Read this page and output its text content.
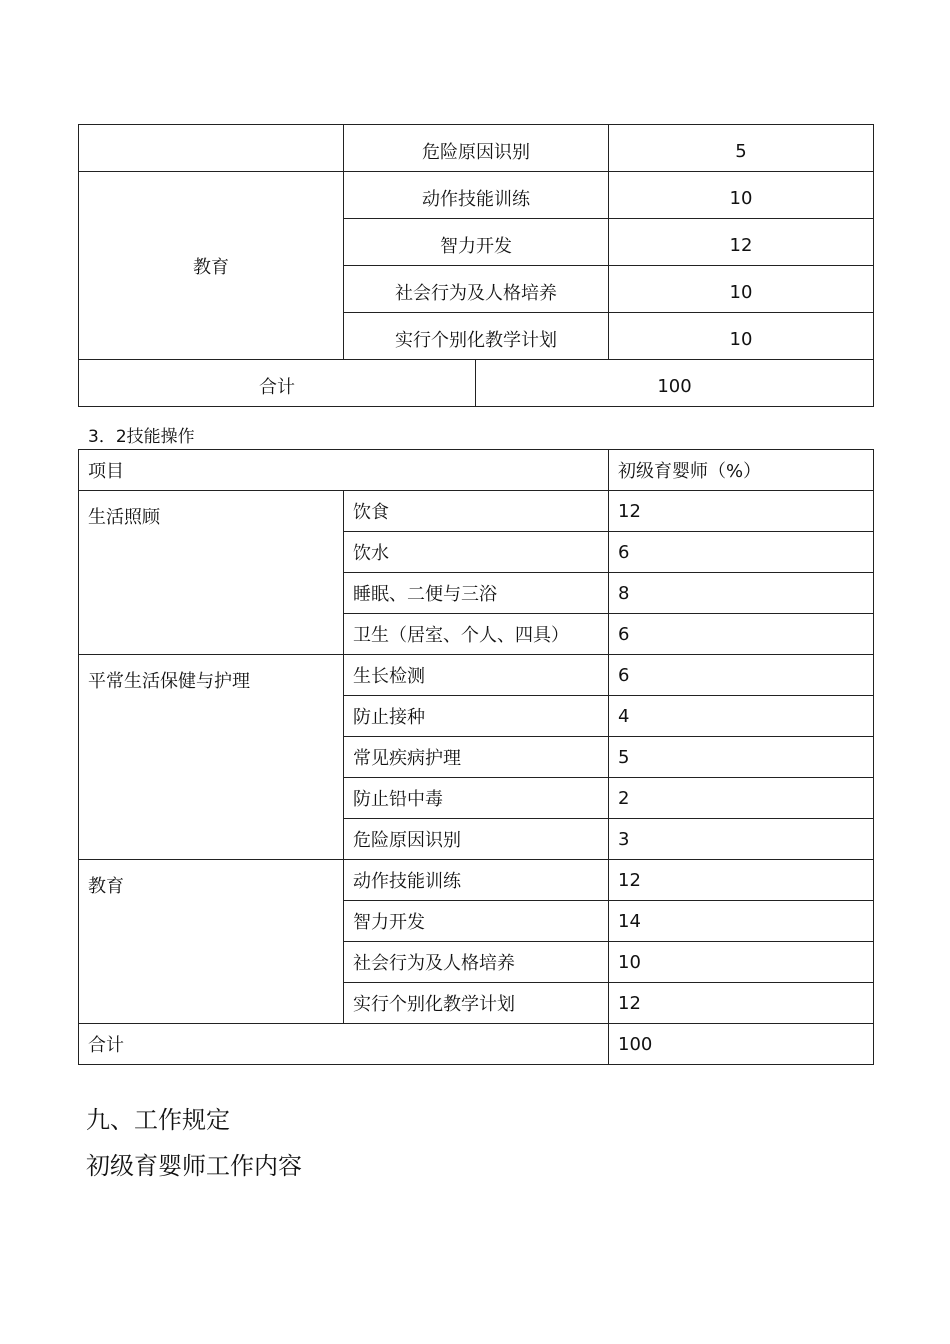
	危险原因识别		5
教育	动作技能训练		10
	智力开发		12
	社会行为及人格培养		10
	实行个别化教学计划		10
合计		100	
3．2技能操作
项目		初级育婴师（%）
生活照顾	饮食	12
	饮水	6
	睡眠、二便与三浴	8
	卫生（居室、个人、四具）	6
平常生活保健与护理	生长检测	6
	防止接种	4
	常见疾病护理	5
	防止铅中毒	2
	危险原因识别	3
教育	动作技能训练	12
	智力开发	14
	社会行为及人格培养	10
	实行个别化教学计划	12
合计		100
九、工作规定
初级育婴师工作内容
